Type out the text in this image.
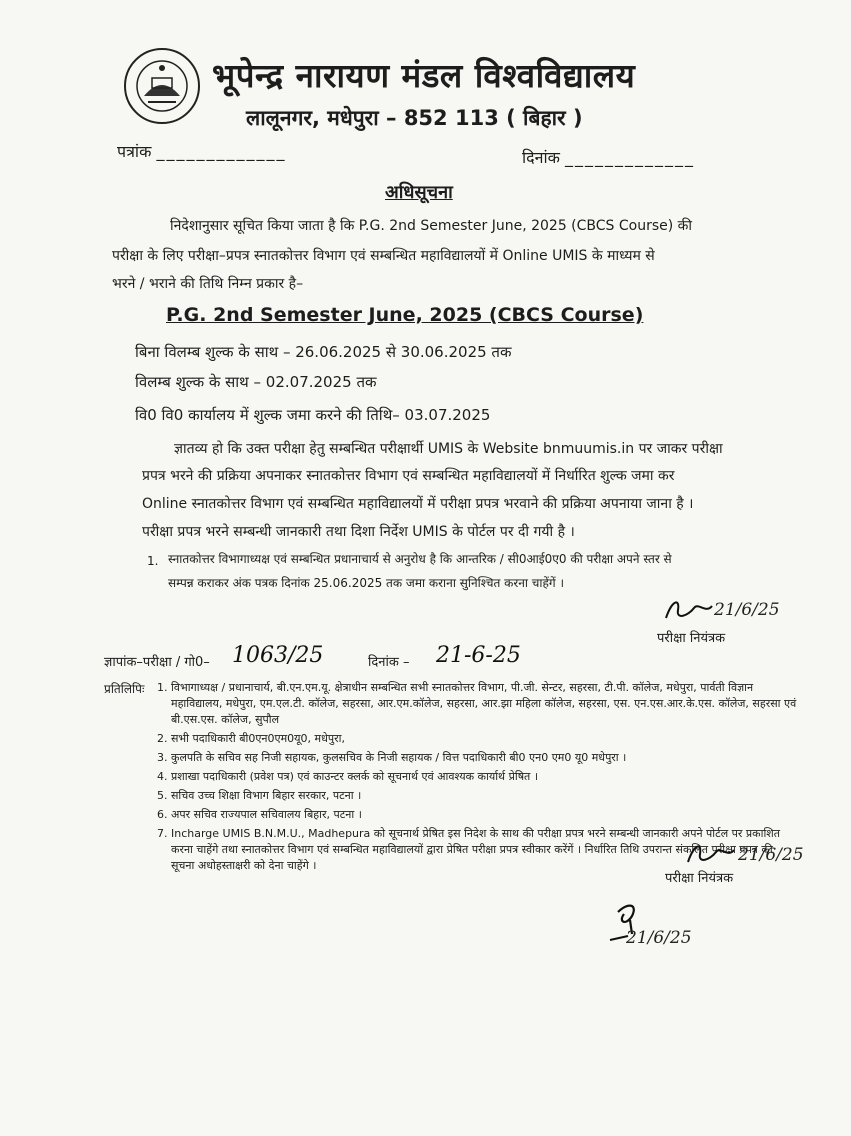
भूपेन्द्र नारायण मंडल विश्वविद्यालय
लालूनगर, मधेपुरा – 852 113 ( बिहार )
पत्रांक _____________	दिनांक _____________
अधिसूचना
निदेशानुसार सूचित किया जाता है कि P.G. 2nd Semester June, 2025 (CBCS Course) की
परीक्षा के लिए परीक्षा–प्रपत्र स्नातकोत्तर विभाग एवं सम्बन्धित महाविद्यालयों में Online UMIS के माध्यम से
भरने / भराने की तिथि निम्न प्रकार है–
P.G. 2nd Semester June, 2025 (CBCS Course)
बिना विलम्ब शुल्क के साथ – 26.06.2025 से 30.06.2025 तक
विलम्ब शुल्क के साथ – 02.07.2025 तक
वि0 वि0 कार्यालय में शुल्क जमा करने की तिथि– 03.07.2025
ज्ञातव्य हो कि उक्त परीक्षा हेतु सम्बन्धित परीक्षार्थी UMIS के Website bnmuumis.in पर जाकर परीक्षा
प्रपत्र भरने की प्रक्रिया अपनाकर स्नातकोत्तर विभाग एवं सम्बन्धित महाविद्यालयों में निर्धारित शुल्क जमा कर
Online स्नातकोत्तर विभाग एवं सम्बन्धित महाविद्यालयों में परीक्षा प्रपत्र भरवाने की प्रक्रिया अपनाया जाना है ।
परीक्षा प्रपत्र भरने सम्बन्धी जानकारी तथा दिशा निर्देश UMIS के पोर्टल पर दी गयी है ।
1. स्नातकोत्तर विभागाध्यक्ष एवं सम्बन्धित प्रधानाचार्य से अनुरोध है कि आन्तरिक / सी0आई0ए0 की परीक्षा अपने स्तर से
सम्पन्न कराकर अंक पत्रक दिनांक 25.06.2025 तक जमा कराना सुनिश्चित करना चाहेंगें ।
21/6/25
परीक्षा नियंत्रक
ज्ञापांक–परीक्षा / गो0– 1063/25	दिनांक – 21-6-25
प्रतिलिपिः 1. विभागाध्यक्ष / प्रधानाचार्य, बी.एन.एम.यू. क्षेत्राधीन सम्बन्धित सभी स्नातकोत्तर विभाग, पी.जी. सेन्टर, सहरसा, टी.पी. कॉलेज, मधेपुरा, पार्वती विज्ञान महाविद्यालय, मधेपुरा, एम.एल.टी. कॉलेज, सहरसा, आर.एम.कॉलेज, सहरसा, आर.झा महिला कॉलेज, सहरसा, एस. एन.एस.आर.के.एस. कॉलेज, सहरसा एवं बी.एस.एस. कॉलेज, सुपौल
2. सभी पदाधिकारी बी0एन0एम0यू0, मधेपुरा,
3. कुलपति के सचिव सह निजी सहायक, कुलसचिव के निजी सहायक / वित्त पदाधिकारी बी0 एन0 एम0 यू0 मधेपुरा ।
4. प्रशाखा पदाधिकारी (प्रवेश पत्र) एवं काउन्टर क्लर्क को सूचनार्थ एवं आवश्यक कार्यार्थ प्रेषित ।
5. सचिव उच्च शिक्षा विभाग बिहार सरकार, पटना ।
6. अपर सचिव राज्यपाल सचिवालय बिहार, पटना ।
7. Incharge UMIS B.N.M.U., Madhepura को सूचनार्थ प्रेषित इस निदेश के साथ की परीक्षा प्रपत्र भरने सम्बन्धी जानकारी अपने पोर्टल पर प्रकाशित करना चाहेंगे तथा स्नातकोत्तर विभाग एवं सम्बन्धित महाविद्यालयों द्वारा प्रेषित परीक्षा प्रपत्र स्वीकार करेंगें । निर्धारित तिथि उपरान्त संकलित परीक्षा प्रपत्र की सूचना अधोहस्ताक्षरी को देना चाहेंगे ।
21/6/25
परीक्षा नियंत्रक
21/6/25
